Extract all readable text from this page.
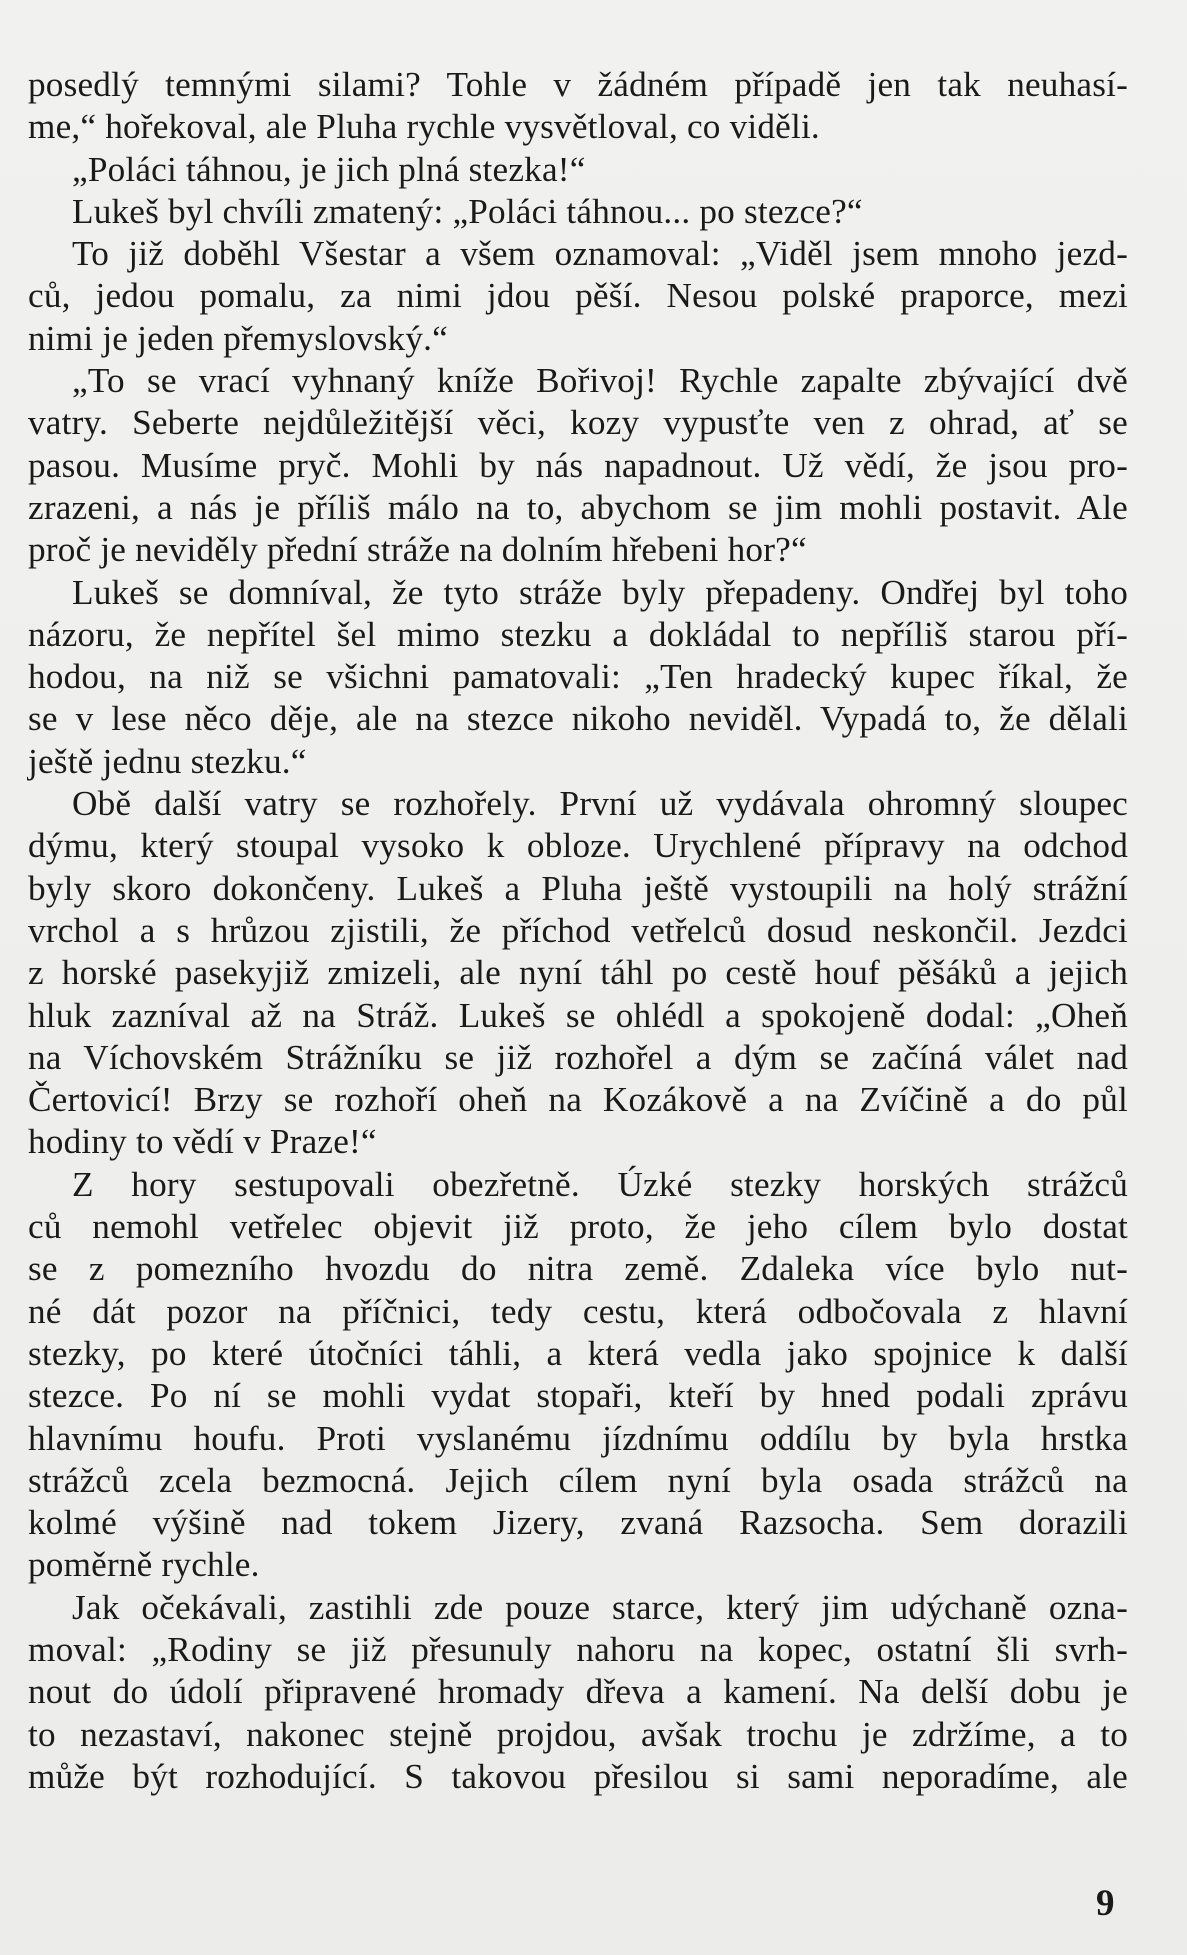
posedlý temnými silami? Tohle v žádném případě jen tak neuhasí-
me,“ hořekoval, ale Pluha rychle vysvětloval, co viděli.
„Poláci táhnou, je jich plná stezka!“
Lukeš byl chvíli zmatený: „Poláci táhnou... po stezce?“
To již doběhl Všestar a všem oznamoval: „Viděl jsem mnoho jezd-
ců, jedou pomalu, za nimi jdou pěší. Nesou polské praporce, mezi
nimi je jeden přemyslovský.“
„To se vrací vyhnaný kníže Bořivoj! Rychle zapalte zbývající dvě
vatry. Seberte nejdůležitější věci, kozy vypusťte ven z ohrad, ať se
pasou. Musíme pryč. Mohli by nás napadnout. Už vědí, že jsou pro-
zrazeni, a nás je příliš málo na to, abychom se jim mohli postavit. Ale
proč je neviděly přední stráže na dolním hřebeni hor?“
Lukeš se domníval, že tyto stráže byly přepadeny. Ondřej byl toho
názoru, že nepřítel šel mimo stezku a dokládal to nepříliš starou pří-
hodou, na niž se všichni pamatovali: „Ten hradecký kupec říkal, že
se v lese něco děje, ale na stezce nikoho neviděl. Vypadá to, že dělali
ještě jednu stezku.“
Obě další vatry se rozhořely. První už vydávala ohromný sloupec
dýmu, který stoupal vysoko k obloze. Urychlené přípravy na odchod
byly skoro dokončeny. Lukeš a Pluha ještě vystoupili na holý strážní
vrchol a s hrůzou zjistili, že příchod vetřelců dosud neskončil. Jezdci
z horské pasekyjiž zmizeli, ale nyní táhl po cestě houf pěšáků a jejich
hluk zazníval až na Stráž. Lukeš se ohlédl a spokojeně dodal: „Oheň
na Víchovském Strážníku se již rozhořel a dým se začíná válet nad
Čertovicí! Brzy se rozhoří oheň na Kozákově a na Zvíčině a do půl
hodiny to vědí v Praze!“
Z hory sestupovali obezřetně. Úzké stezky horských strážců
ců nemohl vetřelec objevit již proto, že jeho cílem bylo dostat
se z pomezního hvozdu do nitra země. Zdaleka více bylo nut-
né dát pozor na příčnici, tedy cestu, která odbočovala z hlavní
stezky, po které útočníci táhli, a která vedla jako spojnice k další
stezce. Po ní se mohli vydat stopaři, kteří by hned podali zprávu
hlavnímu houfu. Proti vyslanému jízdnímu oddílu by byla hrstka
strážců zcela bezmocná. Jejich cílem nyní byla osada strážců na
kolmé výšině nad tokem Jizery, zvaná Razsocha. Sem dorazili
poměrně rychle.
Jak očekávali, zastihli zde pouze starce, který jim udýchaně ozna-
moval: „Rodiny se již přesunuly nahoru na kopec, ostatní šli svrh-
nout do údolí připravené hromady dřeva a kamení. Na delší dobu je
to nezastaví, nakonec stejně projdou, avšak trochu je zdržíme, a to
může být rozhodující. S takovou přesilou si sami neporadíme, ale
9
